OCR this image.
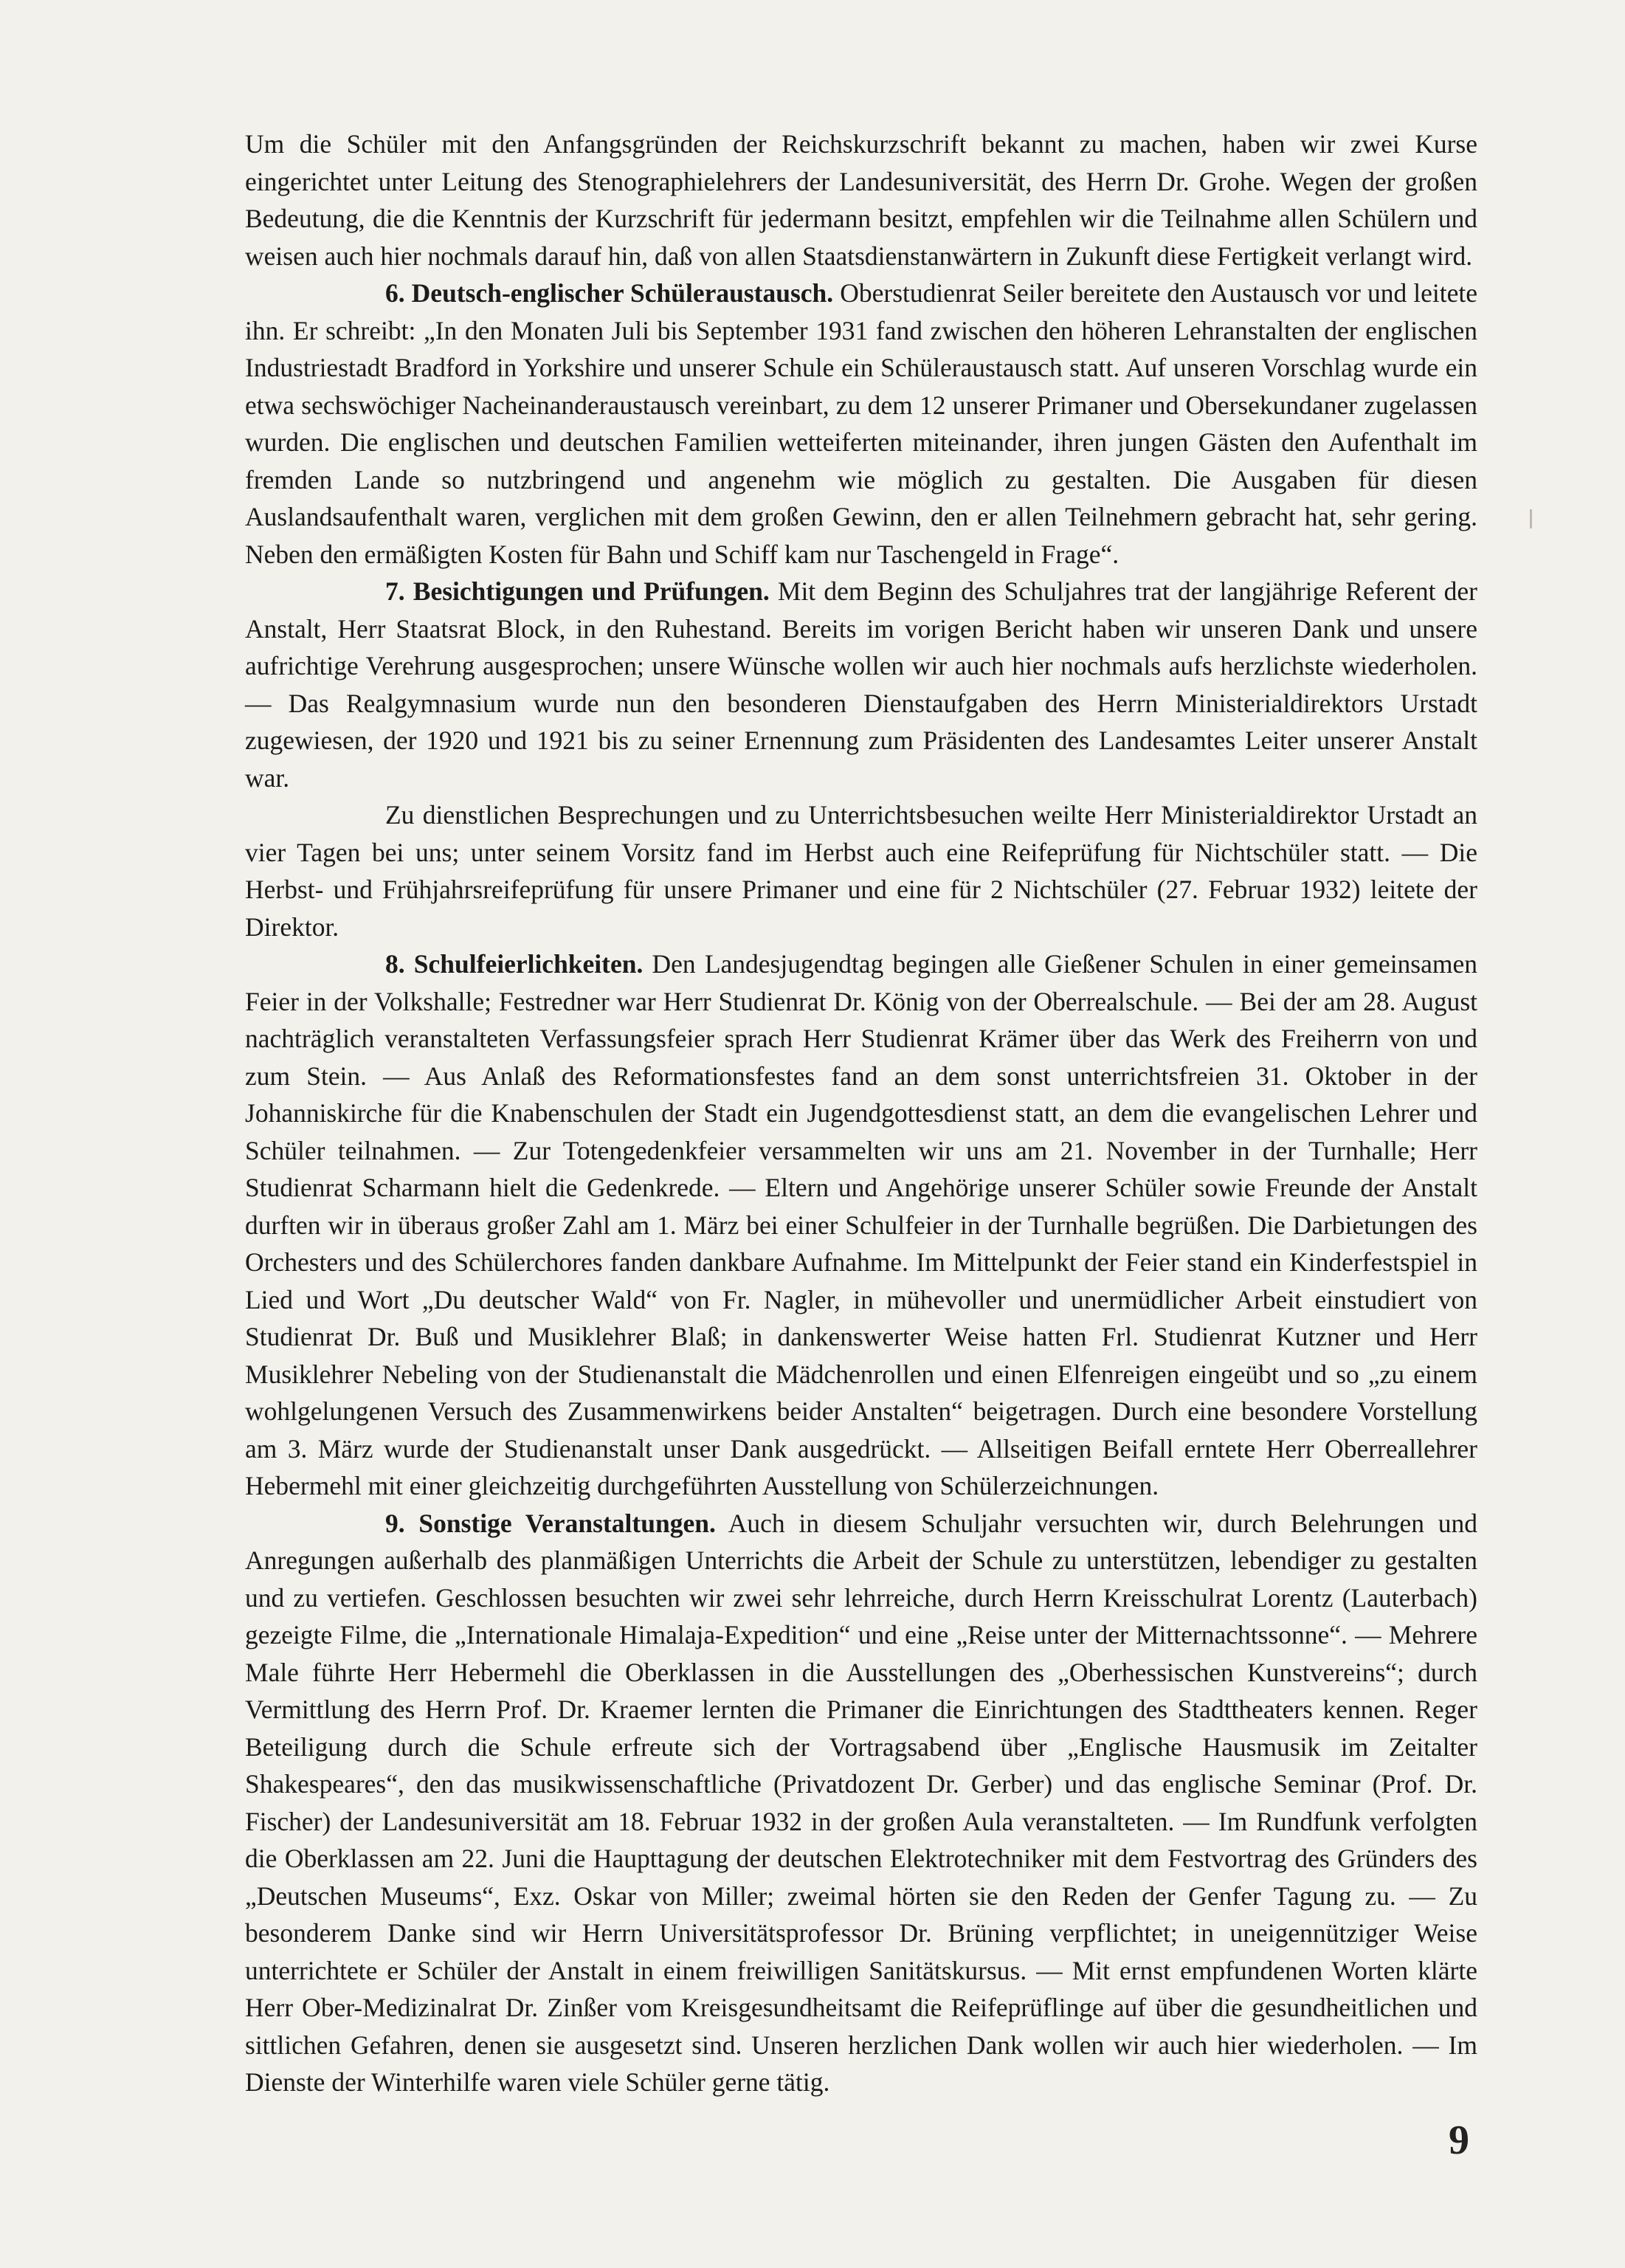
Um die Schüler mit den Anfangsgründen der Reichskurzschrift bekannt zu machen, haben wir zwei Kurse eingerichtet unter Leitung des Stenographielehrers der Landesuniversität, des Herrn Dr. Grohe. Wegen der großen Bedeutung, die die Kenntnis der Kurzschrift für jedermann besitzt, empfehlen wir die Teilnahme allen Schülern und weisen auch hier nochmals darauf hin, daß von allen Staatsdienstanwärtern in Zukunft diese Fertigkeit verlangt wird.

6. Deutsch-englischer Schüleraustausch. Oberstudienrat Seiler bereitete den Austausch vor und leitete ihn. Er schreibt: „In den Monaten Juli bis September 1931 fand zwischen den höheren Lehranstalten der englischen Industriestadt Bradford in Yorkshire und unserer Schule ein Schüleraustausch statt. Auf unseren Vorschlag wurde ein etwa sechswöchiger Nacheinanderaustausch vereinbart, zu dem 12 unserer Primaner und Obersekundaner zugelassen wurden. Die englischen und deutschen Familien wetteiferten miteinander, ihren jungen Gästen den Aufenthalt im fremden Lande so nutzbringend und angenehm wie möglich zu gestalten. Die Ausgaben für diesen Auslandsaufenthalt waren, verglichen mit dem großen Gewinn, den er allen Teilnehmern gebracht hat, sehr gering. Neben den ermäßigten Kosten für Bahn und Schiff kam nur Taschengeld in Frage“.

7. Besichtigungen und Prüfungen. Mit dem Beginn des Schuljahres trat der langjährige Referent der Anstalt, Herr Staatsrat Block, in den Ruhestand. Bereits im vorigen Bericht haben wir unseren Dank und unsere aufrichtige Verehrung ausgesprochen; unsere Wünsche wollen wir auch hier nochmals aufs herzlichste wiederholen. — Das Realgymnasium wurde nun den besonderen Dienstaufgaben des Herrn Ministerialdirektors Urstadt zugewiesen, der 1920 und 1921 bis zu seiner Ernennung zum Präsidenten des Landesamtes Leiter unserer Anstalt war.

Zu dienstlichen Besprechungen und zu Unterrichtsbesuchen weilte Herr Ministerialdirektor Urstadt an vier Tagen bei uns; unter seinem Vorsitz fand im Herbst auch eine Reifeprüfung für Nichtschüler statt. — Die Herbst- und Frühjahrsreifeprüfung für unsere Primaner und eine für 2 Nichtschüler (27. Februar 1932) leitete der Direktor.

8. Schulfeierlichkeiten. Den Landesjugendtag begingen alle Gießener Schulen in einer gemeinsamen Feier in der Volkshalle; Festredner war Herr Studienrat Dr. König von der Oberrealschule. — Bei der am 28. August nachträglich veranstalteten Verfassungsfeier sprach Herr Studienrat Krämer über das Werk des Freiherrn von und zum Stein. — Aus Anlaß des Reformationsfestes fand an dem sonst unterrichtsfreien 31. Oktober in der Johanniskirche für die Knabenschulen der Stadt ein Jugendgottesdienst statt, an dem die evangelischen Lehrer und Schüler teilnahmen. — Zur Totengedenkfeier versammelten wir uns am 21. November in der Turnhalle; Herr Studienrat Scharmann hielt die Gedenkrede. — Eltern und Angehörige unserer Schüler sowie Freunde der Anstalt durften wir in überaus großer Zahl am 1. März bei einer Schulfeier in der Turnhalle begrüßen. Die Darbietungen des Orchesters und des Schülerchores fanden dankbare Aufnahme. Im Mittelpunkt der Feier stand ein Kinderfestspiel in Lied und Wort „Du deutscher Wald“ von Fr. Nagler, in mühevoller und unermüdlicher Arbeit einstudiert von Studienrat Dr. Buß und Musiklehrer Blaß; in dankenswerter Weise hatten Frl. Studienrat Kutzner und Herr Musiklehrer Nebeling von der Studienanstalt die Mädchenrollen und einen Elfenreigen eingeübt und so „zu einem wohlgelungenen Versuch des Zusammenwirkens beider Anstalten“ beigetragen. Durch eine besondere Vorstellung am 3. März wurde der Studienanstalt unser Dank ausgedrückt. — Allseitigen Beifall erntete Herr Oberreallehrer Hebermehl mit einer gleichzeitig durchgeführten Ausstellung von Schülerzeichnungen.

9. Sonstige Veranstaltungen. Auch in diesem Schuljahr versuchten wir, durch Belehrungen und Anregungen außerhalb des planmäßigen Unterrichts die Arbeit der Schule zu unterstützen, lebendiger zu gestalten und zu vertiefen. Geschlossen besuchten wir zwei sehr lehrreiche, durch Herrn Kreisschulrat Lorentz (Lauterbach) gezeigte Filme, die „Internationale Himalaja-Expedition“ und eine „Reise unter der Mitternachtssonne“. — Mehrere Male führte Herr Hebermehl die Oberklassen in die Ausstellungen des „Oberhessischen Kunstvereins“; durch Vermittlung des Herrn Prof. Dr. Kraemer lernten die Primaner die Einrichtungen des Stadttheaters kennen. Reger Beteiligung durch die Schule erfreute sich der Vortragsabend über „Englische Hausmusik im Zeitalter Shakespeares“, den das musikwissenschaftliche (Privatdozent Dr. Gerber) und das englische Seminar (Prof. Dr. Fischer) der Landesuniversität am 18. Februar 1932 in der großen Aula veranstalteten. — Im Rundfunk verfolgten die Oberklassen am 22. Juni die Haupttagung der deutschen Elektrotechniker mit dem Festvortrag des Gründers des „Deutschen Museums“, Exz. Oskar von Miller; zweimal hörten sie den Reden der Genfer Tagung zu. — Zu besonderem Danke sind wir Herrn Universitätsprofessor Dr. Brüning verpflichtet; in uneigennütziger Weise unterrichtete er Schüler der Anstalt in einem freiwilligen Sanitätskursus. — Mit ernst empfundenen Worten klärte Herr Ober-Medizinalrat Dr. Zinßer vom Kreisgesundheitsamt die Reifeprüflinge auf über die gesundheitlichen und sittlichen Gefahren, denen sie ausgesetzt sind. Unseren herzlichen Dank wollen wir auch hier wiederholen. — Im Dienste der Winterhilfe waren viele Schüler gerne tätig.

9
